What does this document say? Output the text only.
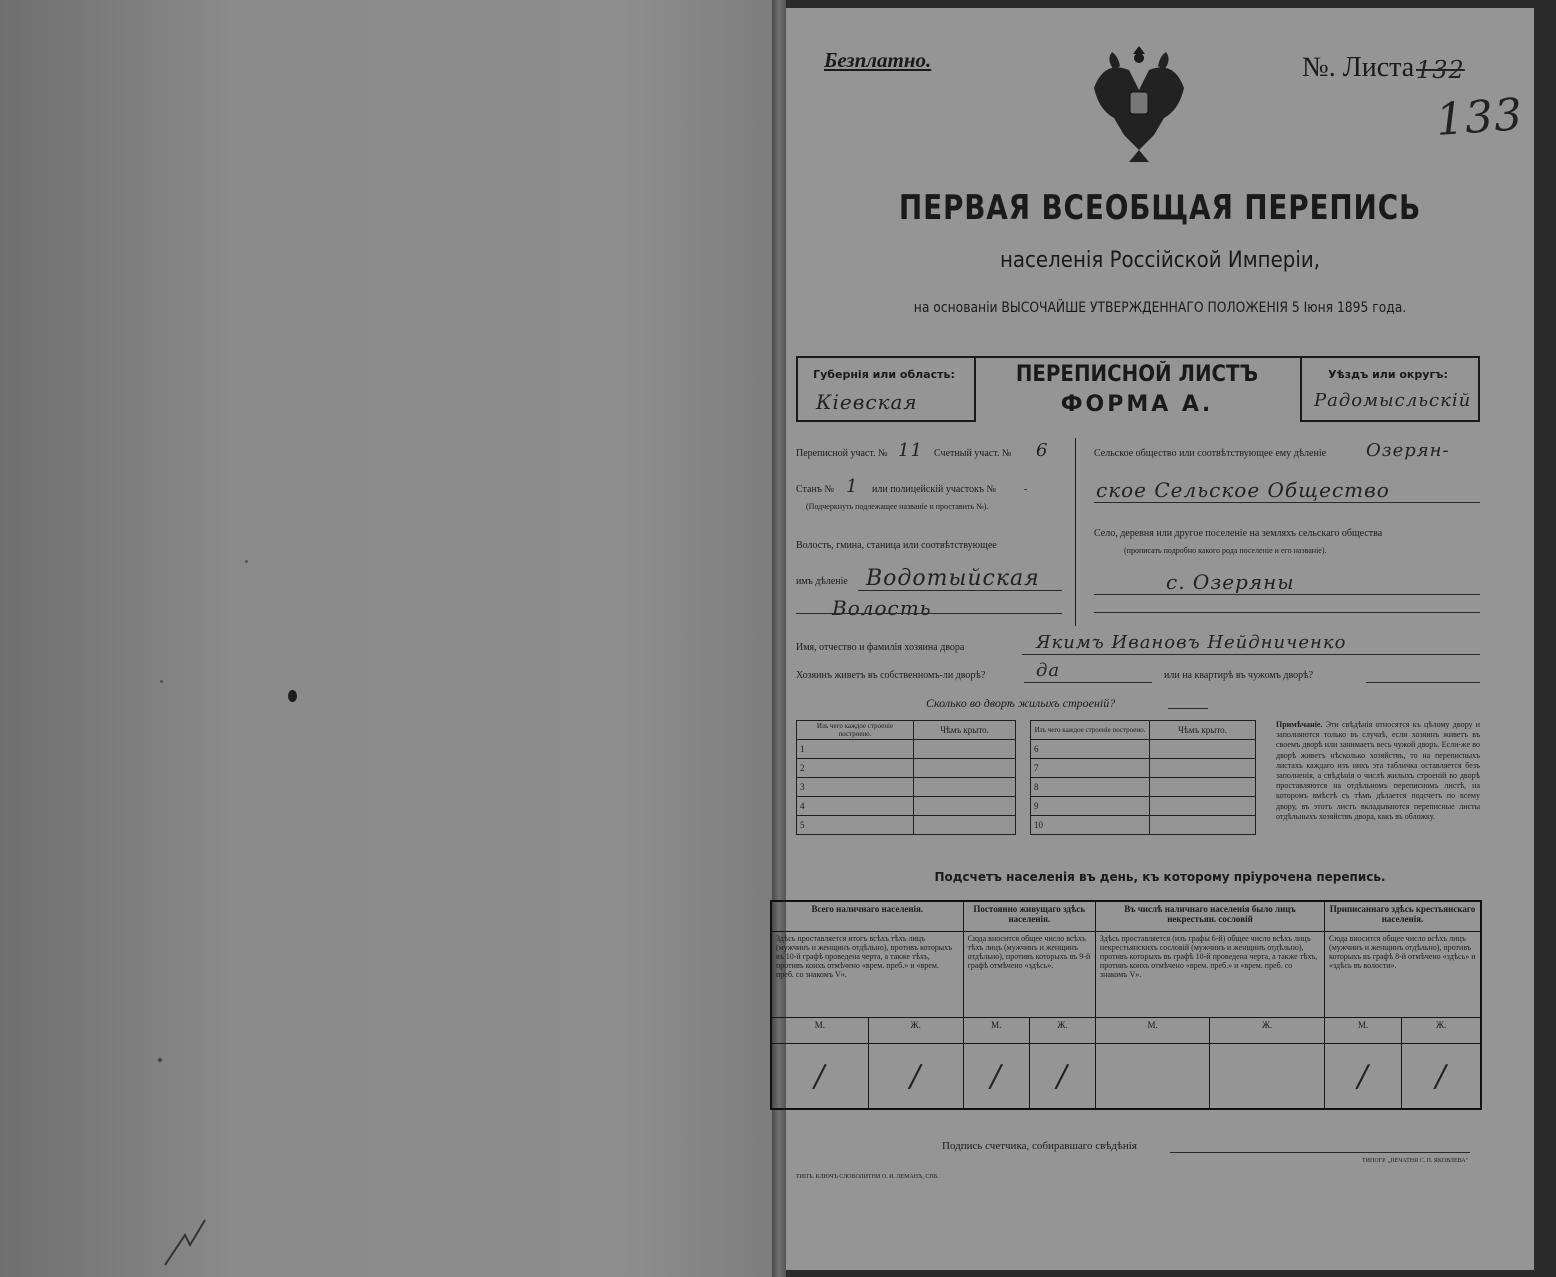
Безплатно.	№. Листа 132
133
ПЕРВАЯ ВСЕОБЩАЯ ПЕРЕПИСЬ
населенія Россійской Имперіи,
на основаніи ВЫСОЧАЙШЕ УТВЕРЖДЕННАГО ПОЛОЖЕНІЯ 5 Іюня 1895 года.
Губернія или область:
Кіевская
ПЕРЕПИСНОЙ ЛИСТЪ
ФОРМА А.
Уѣздъ или округъ:
Радомысльскій
Переписной участ. № 11 Счетный участ. № 6
Станъ № 1 или полицейскій участокъ №	-
(Подчеркнуть подлежащее названіе и проставить №).
Волость, гмина, станица или соотвѣтствующее
имъ дѣленіе Водотыйская
Волость
Сельское общество или соотвѣтствующее ему дѣленіе Озерян-
ское Сельское Общество
Село, деревня или другое поселеніе на земляхъ сельскаго общества
(прописать подробно какого рода поселеніе и его названіе).
с. Озеряны
Имя, отчество и фамилія хозяина двора	Якимъ Ивановъ Нейдниченко
Хозяинъ живетъ въ собственномъ-ли дворѣ?	да	или на квартирѣ въ чужомъ дворѣ?
Сколько во дворѣ жилыхъ строеній?
Изъ чего каждое строеніе построено.	Чѣмъ крыто.
1	
2	
3	
4	
5	
Изъ чего каждое строеніе построено.	Чѣмъ крыто.
6	
7	
8	
9	
10	
Примѣчаніе. Эти свѣдѣнія относятся къ цѣлому двору и заполняются только въ случаѣ, если хозяинъ живетъ въ своемъ дворѣ или занимаетъ весь чужой дворъ. Если-же во дворѣ живетъ нѣсколько хозяйствъ, то на переписныхъ листахъ каждаго изъ нихъ эта табличка оставляется безъ заполненія, а свѣдѣнія о числѣ жилыхъ строеній во дворѣ проставляются на отдѣльномъ переписномъ листѣ, на которомъ вмѣстѣ съ тѣмъ дѣлается подсчетъ по всему двору, въ этотъ листъ вкладываются переписные листы отдѣльныхъ хозяйствъ двора, какъ въ обложку.
Подсчетъ населенія въ день, къ которому пріурочена перепись.
Всего наличнаго населенія.		Постоянно живущаго здѣсь населенія.		Въ числѣ наличнаго населенія было лицъ некрестьян. сословій		Приписаннаго здѣсь крестьянскаго населенія.	
Здѣсь проставляется итогъ всѣхъ тѣхъ лицъ (мужчинъ и женщинъ отдѣльно), противъ которыхъ въ 10-й графѣ проведена черта, а также тѣхъ, противъ коихъ отмѣчено «врем. преб.» и «врем. преб. со знакомъ V».		Сюда вносится общее число всѣхъ тѣхъ лицъ (мужчинъ и женщинъ отдѣльно), противъ которыхъ въ 9-й графѣ отмѣчено «здѣсь».		Здѣсь проставляется (изъ графы 6-й) общее число всѣхъ лицъ некрестьянскихъ сословій (мужчинъ и женщинъ отдѣльно), противъ которыхъ въ графѣ 10-й проведена черта, а также тѣхъ, противъ коихъ отмѣчено «врем. преб.» и «врем. преб. со знакомъ V».		Сюда вносится общее число всѣхъ лицъ (мужчинъ и женщинъ отдѣльно), противъ которыхъ въ графѣ 8-й отмѣчено «здѣсь» и «здѣсь въ волости».	
М.	Ж.	М.	Ж.	М.	Ж.	М.	Ж.
/	/	/	/			/	/
Подпись счетчика, собиравшаго свѣдѣнія
ТИПЪ. КЛЮЧЪ СЛОВОЛИТНИ О. И. ЛЕМАНЪ, СПБ.
ТИПОГР. „ПЕЧАТНЯ С. П. ЯКОВЛЕВА"
